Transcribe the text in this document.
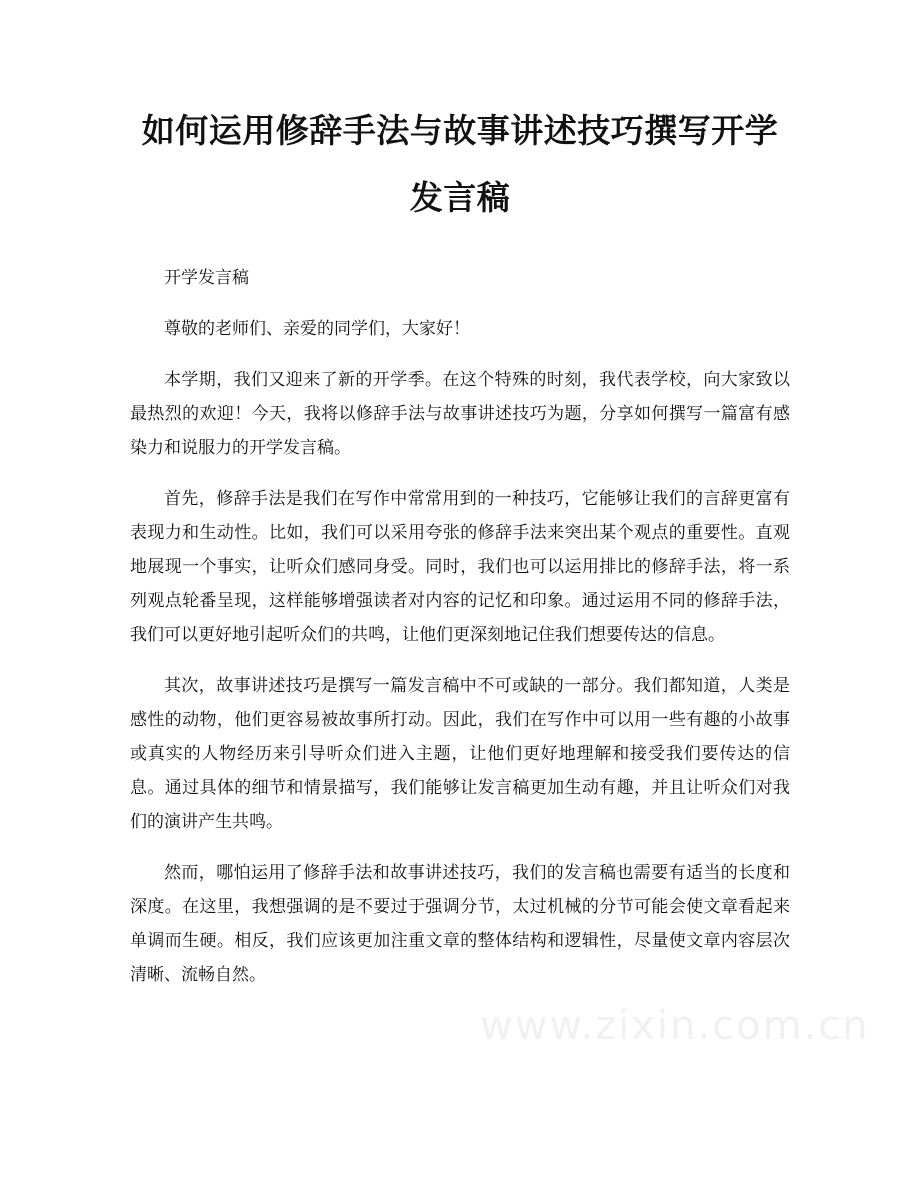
如何运用修辞手法与故事讲述技巧撰写开学发言稿

开学发言稿

尊敬的老师们、亲爱的同学们，大家好！

本学期，我们又迎来了新的开学季。在这个特殊的时刻，我代表学校，向大家致以最热烈的欢迎！今天，我将以修辞手法与故事讲述技巧为题，分享如何撰写一篇富有感染力和说服力的开学发言稿。

首先，修辞手法是我们在写作中常常用到的一种技巧，它能够让我们的言辞更富有表现力和生动性。比如，我们可以采用夸张的修辞手法来突出某个观点的重要性。直观地展现一个事实，让听众们感同身受。同时，我们也可以运用排比的修辞手法，将一系列观点轮番呈现，这样能够增强读者对内容的记忆和印象。通过运用不同的修辞手法，我们可以更好地引起听众们的共鸣，让他们更深刻地记住我们想要传达的信息。

其次，故事讲述技巧是撰写一篇发言稿中不可或缺的一部分。我们都知道，人类是感性的动物，他们更容易被故事所打动。因此，我们在写作中可以用一些有趣的小故事或真实的人物经历来引导听众们进入主题，让他们更好地理解和接受我们要传达的信息。通过具体的细节和情景描写，我们能够让发言稿更加生动有趣，并且让听众们对我们的演讲产生共鸣。

然而，哪怕运用了修辞手法和故事讲述技巧，我们的发言稿也需要有适当的长度和深度。在这里，我想强调的是不要过于强调分节，太过机械的分节可能会使文章看起来单调而生硬。相反，我们应该更加注重文章的整体结构和逻辑性，尽量使文章内容层次清晰、流畅自然。

www.zixin.com.cn
